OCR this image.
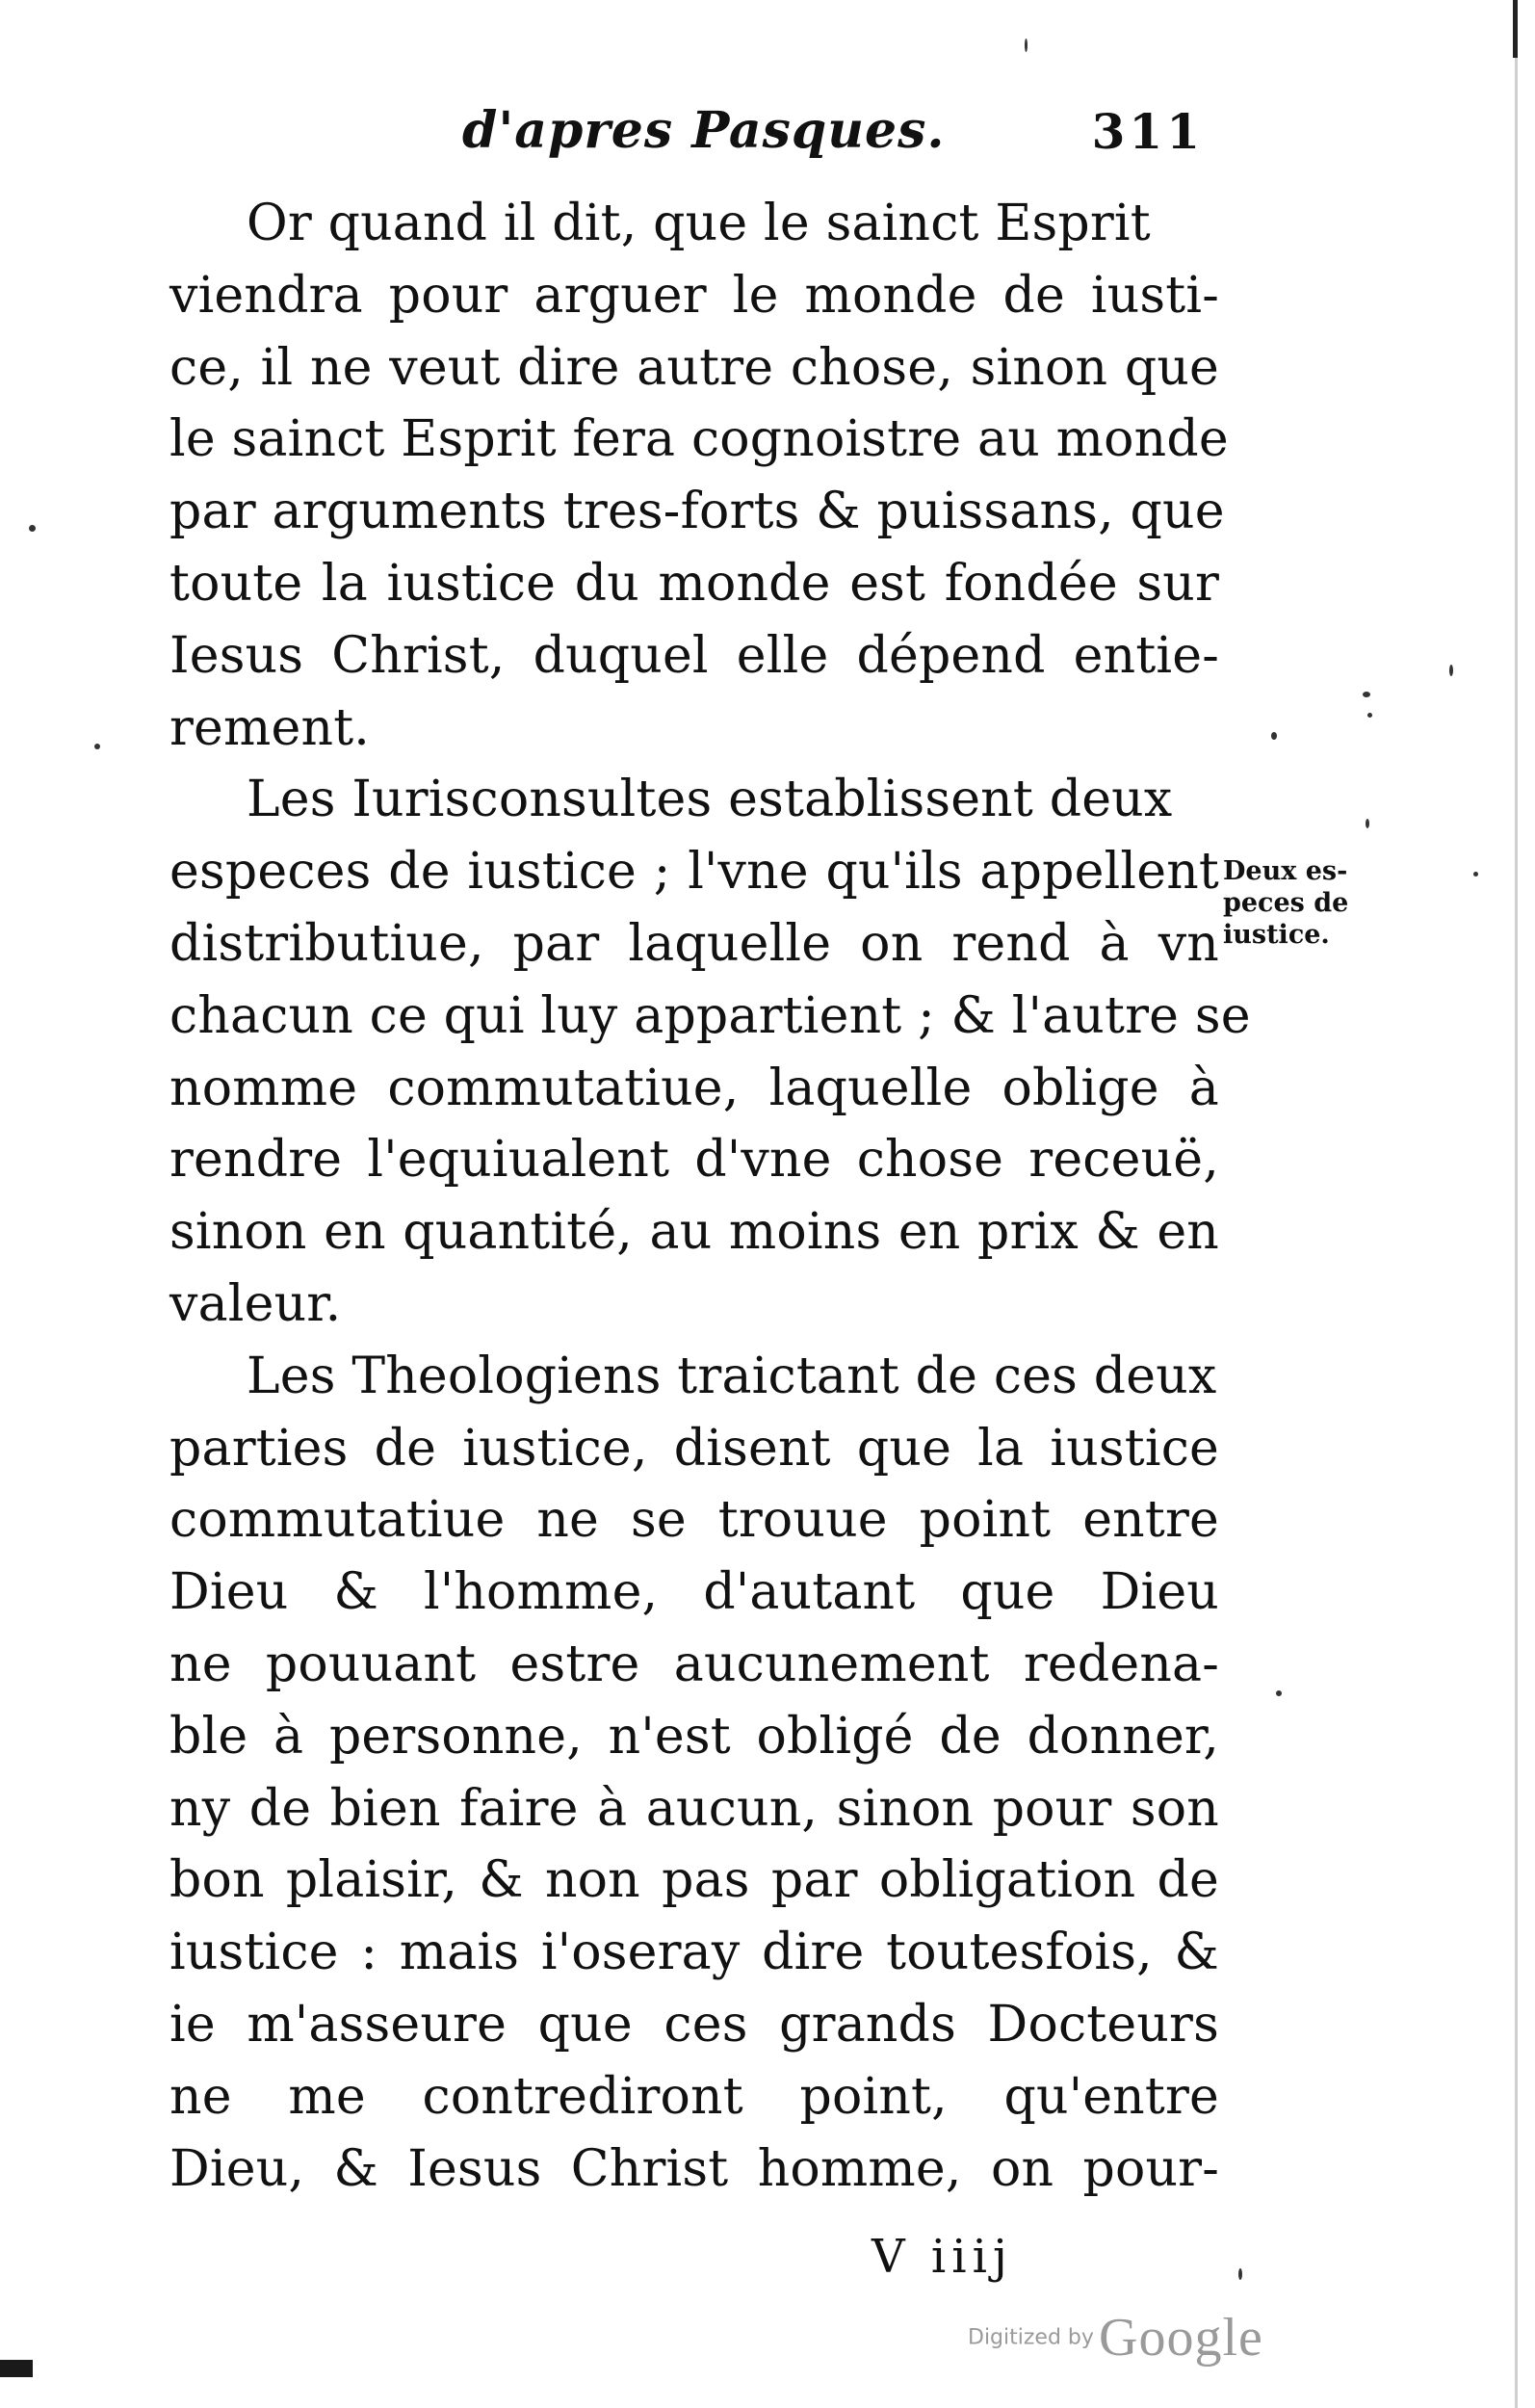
d'apres Pasques.	311
Or quand il dit, que le sainct Esprit
viendra pour arguer le monde de iusti-
ce, il ne veut dire autre chose, sinon que
le sainct Esprit fera cognoistre au monde
par arguments tres-forts & puissans, que
toute la iustice du monde est fondée sur
Iesus Christ, duquel elle dépend entie-
rement.
Les Iurisconsultes establissent deux
especes de iustice ; l'vne qu'ils appellent
distributiue, par laquelle on rend à vn
chacun ce qui luy appartient ; & l'autre se
nomme commutatiue, laquelle oblige à
rendre l'equiualent d'vne chose receuë,
sinon en quantité, au moins en prix & en
valeur.
Les Theologiens traictant de ces deux
parties de iustice, disent que la iustice
commutatiue ne se trouue point entre
Dieu & l'homme, d'autant que Dieu
ne pouuant estre aucunement redena-
ble à personne, n'est obligé de donner,
ny de bien faire à aucun, sinon pour son
bon plaisir, & non pas par obligation de
iustice : mais i'oseray dire toutesfois, &
ie m'asseure que ces grands Docteurs
ne me contrediront point, qu'entre
Dieu, & Iesus Christ homme, on pour-
Deux es-
peces de
iustice.
V iiij
Digitized by Google
